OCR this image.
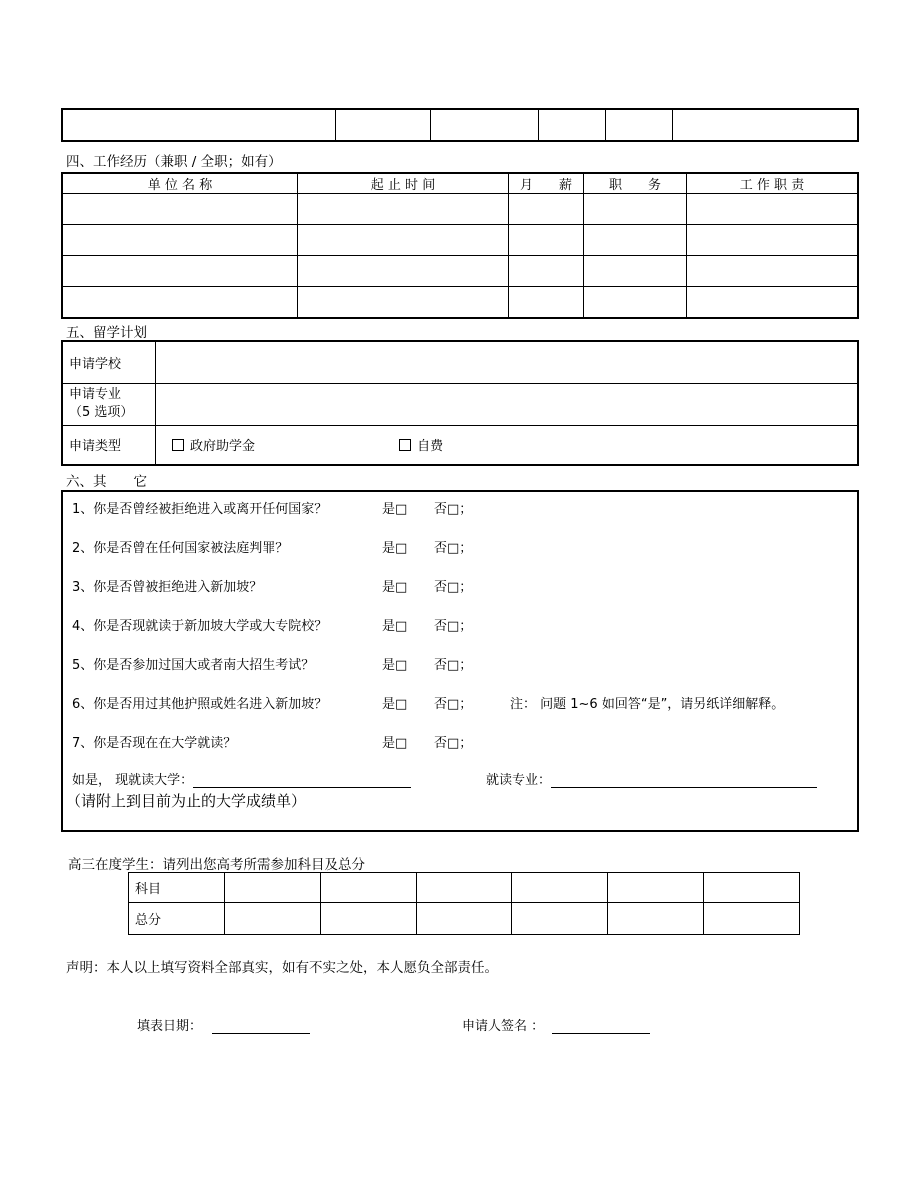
四、工作经历（兼职 / 全职；如有）
单 位 名 称	起 止 时 间	月　　薪	职　　务	工 作 职 责

五、留学计划
申请学校	

申请专业
（5 选项）	

申请类型	政府助学金 自费
六、其　　它
1、你是否曾经被拒绝进入或离开任何国家？	是□ 否□；
2、你是否曾在任何国家被法庭判罪？	是□ 否□；
3、你是否曾被拒绝进入新加坡？	是□ 否□；
4、你是否现就读于新加坡大学或大专院校？	是□ 否□；
5、你是否参加过国大或者南大招生考试？	是□ 否□；
6、你是否用过其他护照或姓名进入新加坡？	是□ 否□；	注： 问题 1~6 如回答“是”，请另纸详细解释。
7、你是否现在在大学就读？	是□ 否□；
如是， 现就读大学：	就读专业：
（请附上到目前为止的大学成绩单）
高三在度学生：请列出您高考所需参加科目及总分
科目						
总分						
声明：本人以上填写资料全部真实，如有不实之处，本人愿负全部责任。
填表日期：	申请人签名 ：
